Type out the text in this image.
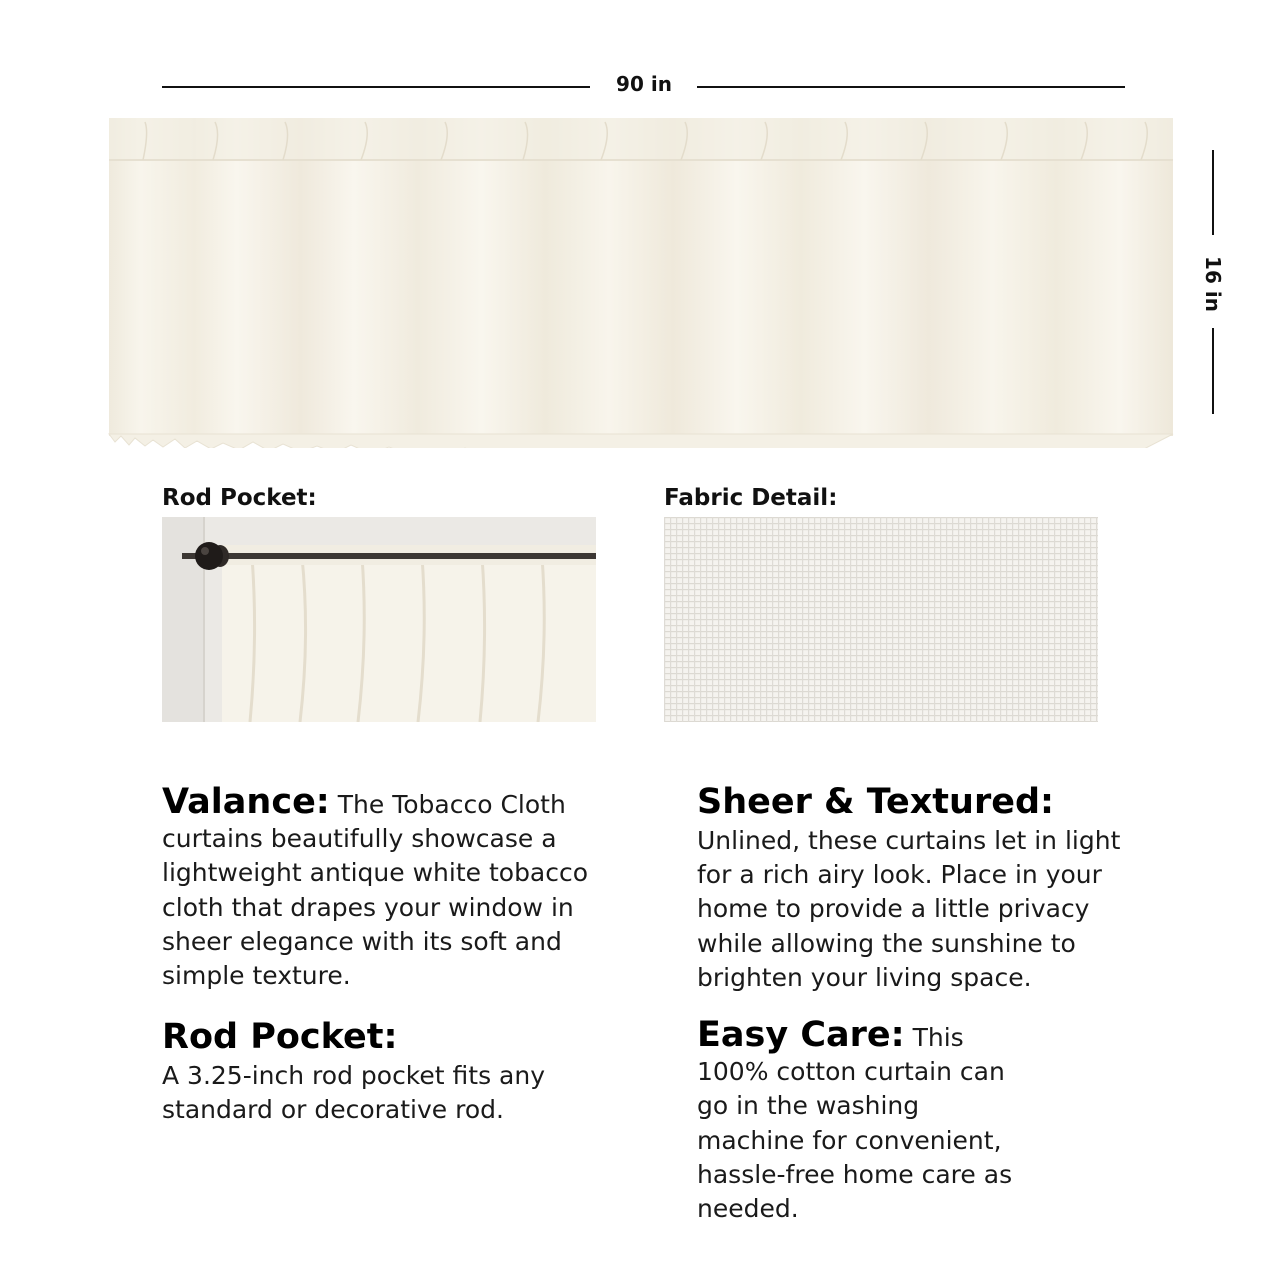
90 in
16 in
Rod Pocket:	Fabric Detail:
Valance: The Tobacco Cloth curtains beautifully showcase a lightweight antique white tobacco cloth that drapes your window in sheer elegance with its soft and simple texture.
Rod Pocket:
A 3.25-inch rod pocket fits any standard or decorative rod.
Sheer & Textured:
Unlined, these curtains let in light for a rich airy look. Place in your home to provide a little privacy while allowing the sunshine to brighten your living space.
Easy Care: This 100% cotton curtain can go in the washing machine for convenient, hassle-free home care as needed.
